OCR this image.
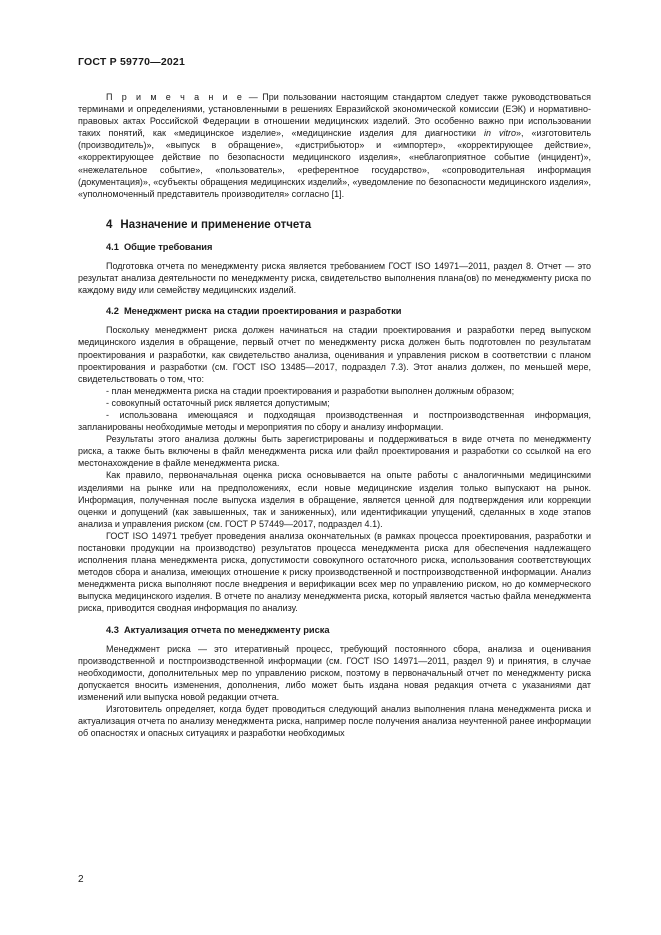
ГОСТ Р 59770—2021

П р и м е ч а н и е — При пользовании настоящим стандартом следует также руководствоваться терминами и определениями, установленными в решениях Евразийской экономической комиссии (ЕЭК) и нормативно-правовых актах Российской Федерации в отношении медицинских изделий. Это особенно важно при использовании таких понятий, как «медицинское изделие», «медицинские изделия для диагностики in vitro», «изготовитель (производитель)», «выпуск в обращение», «дистрибьютор» и «импортер», «корректирующее действие», «корректирующее действие по безопасности медицинского изделия», «неблагоприятное событие (инцидент)», «нежелательное событие», «пользователь», «референтное государство», «сопроводительная информация (документация)», «субъекты обращения медицинских изделий», «уведомление по безопасности медицинского изделия», «уполномоченный представитель производителя» согласно [1].

4 Назначение и применение отчета
4.1 Общие требования

Подготовка отчета по менеджменту риска является требованием ГОСТ ISO 14971—2011, раздел 8. Отчет — это результат анализа деятельности по менеджменту риска, свидетельство выполнения плана(ов) по менеджменту риска по каждому виду или семейству медицинских изделий.

4.2 Менеджмент риска на стадии проектирования и разработки

Поскольку менеджмент риска должен начинаться на стадии проектирования и разработки перед выпуском медицинского изделия в обращение, первый отчет по менеджменту риска должен быть подготовлен по результатам проектирования и разработки, как свидетельство анализа, оценивания и управления риском в соответствии с планом проектирования и разработки (см. ГОСТ ISO 13485—2017, подраздел 7.3). Этот анализ должен, по меньшей мере, свидетельствовать о том, что:

- план менеджмента риска на стадии проектирования и разработки выполнен должным образом;

- совокупный остаточный риск является допустимым;

- использована имеющаяся и подходящая производственная и постпроизводственная информация, запланированы необходимые методы и мероприятия по сбору и анализу информации.

Результаты этого анализа должны быть зарегистрированы и поддерживаться в виде отчета по менеджменту риска, а также быть включены в файл менеджмента риска или файл проектирования и разработки со ссылкой на его местонахождение в файле менеджмента риска.

Как правило, первоначальная оценка риска основывается на опыте работы с аналогичными медицинскими изделиями на рынке или на предположениях, если новые медицинские изделия только выпускают на рынок. Информация, полученная после выпуска изделия в обращение, является ценной для подтверждения или коррекции оценки и допущений (как завышенных, так и заниженных), или идентификации упущений, сделанных в ходе этапов анализа и управления риском (см. ГОСТ Р 57449—2017, подраздел 4.1).

ГОСТ ISO 14971 требует проведения анализа окончательных (в рамках процесса проектирования, разработки и постановки продукции на производство) результатов процесса менеджмента риска для обеспечения надлежащего исполнения плана менеджмента риска, допустимости совокупного остаточного риска, использования соответствующих методов сбора и анализа, имеющих отношение к риску производственной и постпроизводственной информации. Анализ менеджмента риска выполняют после внедрения и верификации всех мер по управлению риском, но до коммерческого выпуска медицинского изделия. В отчете по анализу менеджмента риска, который является частью файла менеджмента риска, приводится сводная информация по анализу.

4.3 Актуализация отчета по менеджменту риска

Менеджмент риска — это итеративный процесс, требующий постоянного сбора, анализа и оценивания производственной и постпроизводственной информации (см. ГОСТ ISO 14971—2011, раздел 9) и принятия, в случае необходимости, дополнительных мер по управлению риском, поэтому в первоначальный отчет по менеджменту риска допускается вносить изменения, дополнения, либо может быть издана новая редакция отчета с указаниями дат изменений или выпуска новой редакции отчета.

Изготовитель определяет, когда будет проводиться следующий анализ выполнения плана менеджмента риска и актуализация отчета по анализу менеджмента риска, например после получения анализа неучтенной ранее информации об опасностях и опасных ситуациях и разработки необходимых

2
